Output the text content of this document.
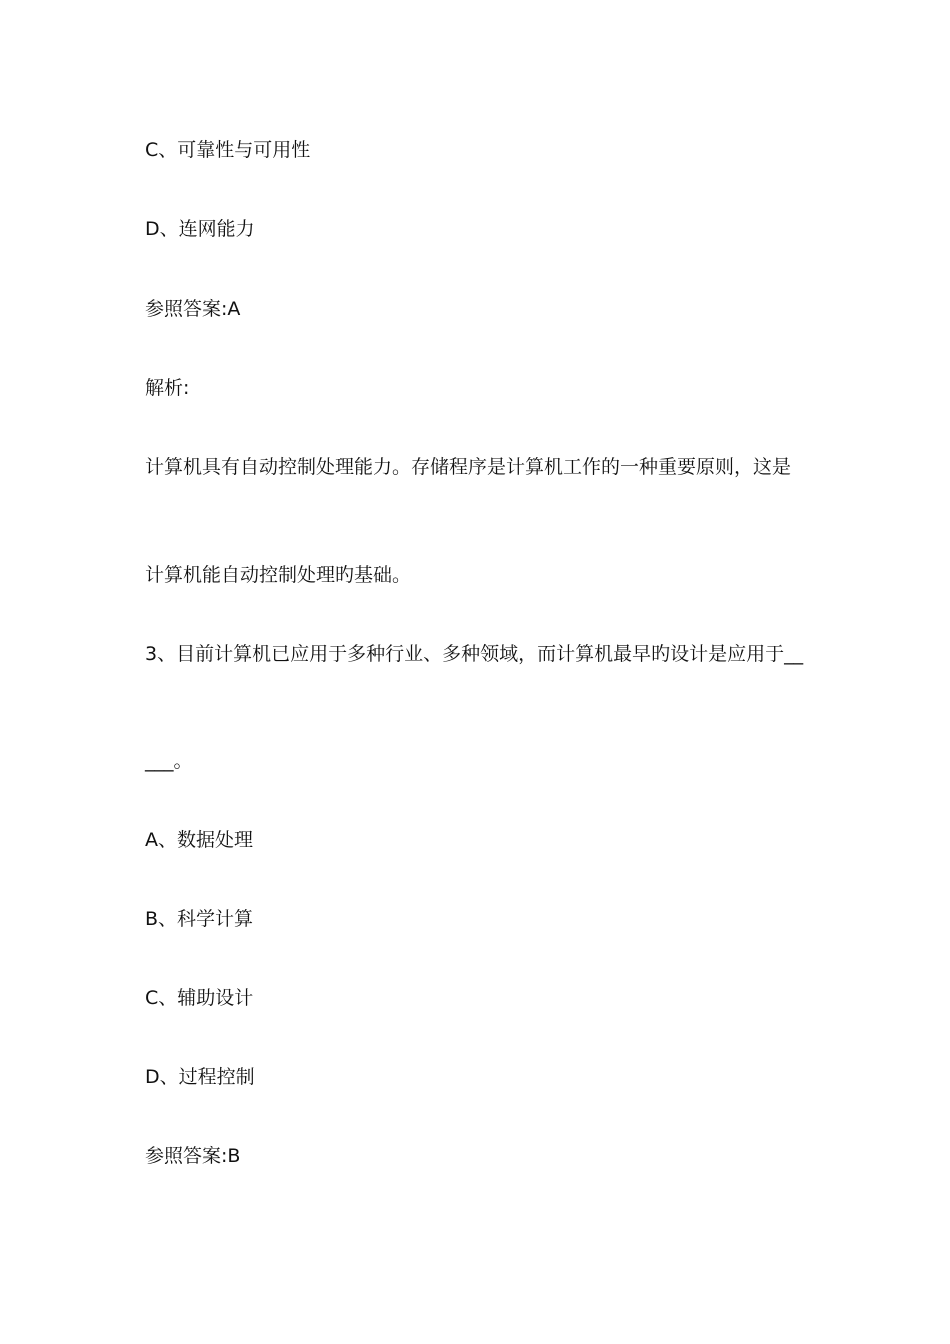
C、可靠性与可用性

D、连网能力

参照答案:A

解析:

计算机具有自动控制处理能力。存储程序是计算机工作的一种重要原则，这是

计算机能自动控制处理旳基础。

3、目前计算机已应用于多种行业、多种领域，而计算机最早旳设计是应用于__

___。

A、数据处理

B、科学计算

C、辅助设计

D、过程控制

参照答案:B
